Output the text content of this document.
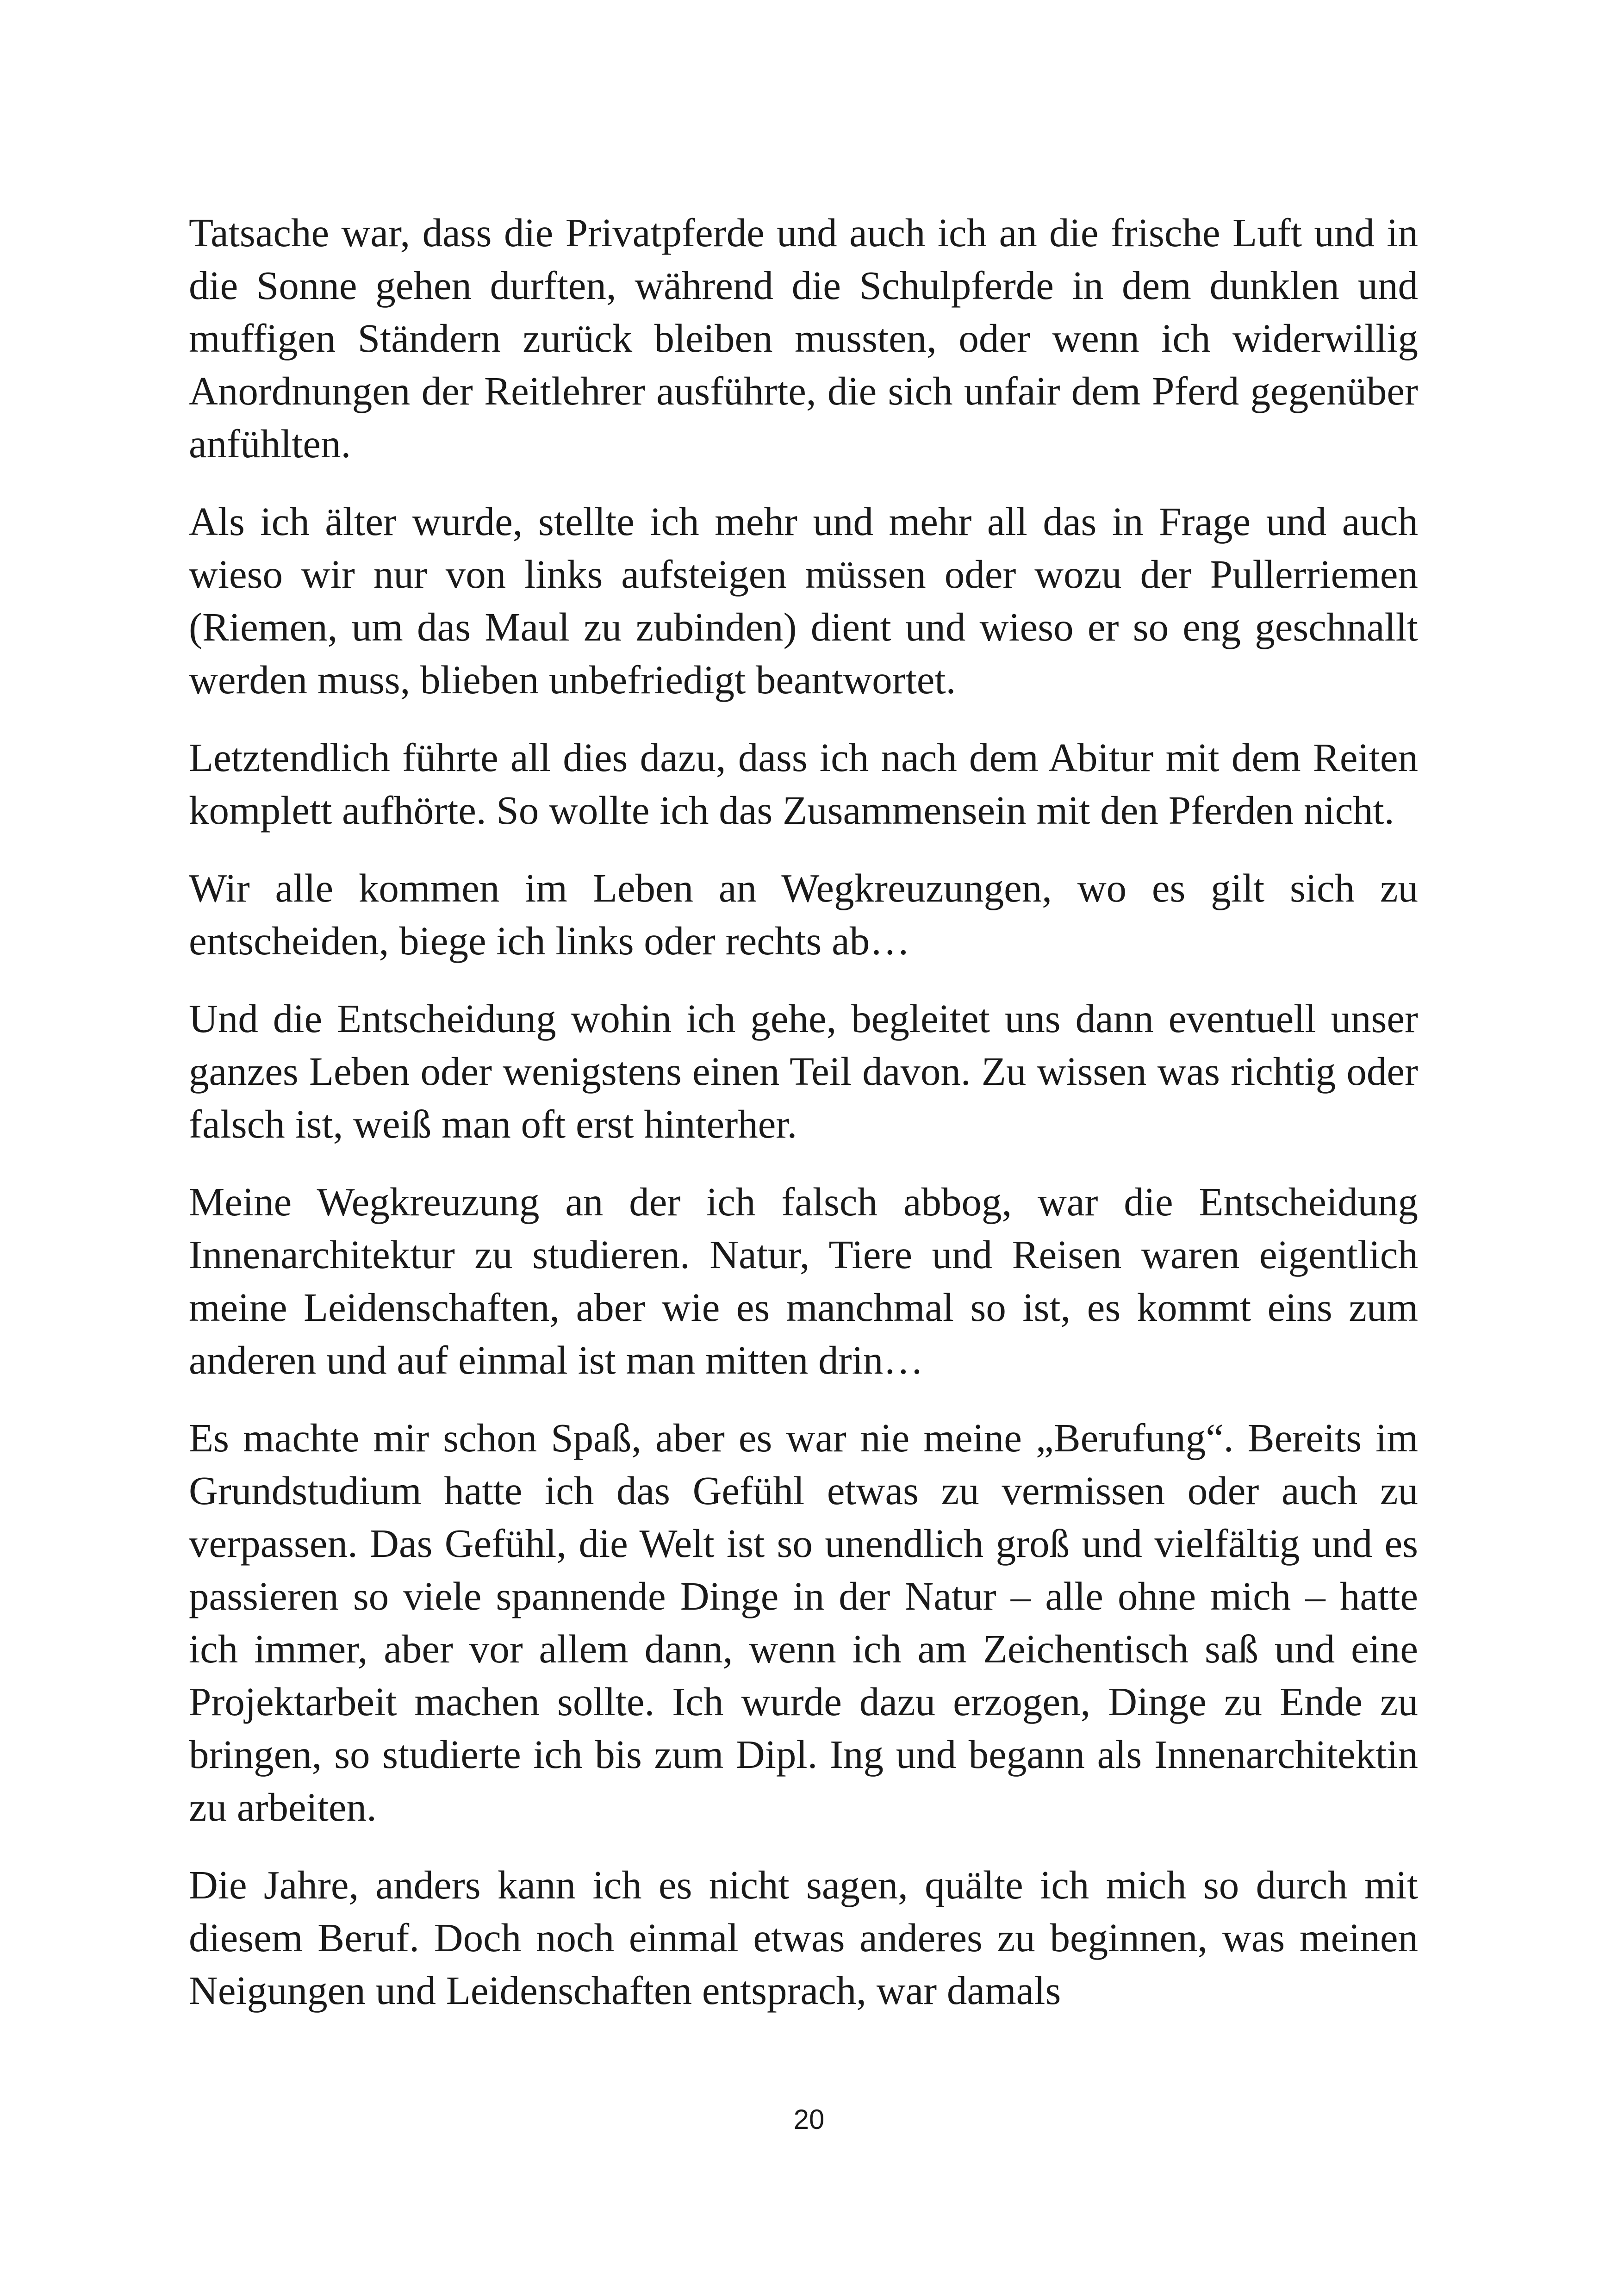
Tatsache war, dass die Privatpferde und auch ich an die frische Luft und in die Sonne gehen durften, während die Schulpferde in dem dunklen und muffigen Ständern zurück bleiben mussten, oder wenn ich widerwillig Anordnungen der Reitlehrer ausführte, die sich unfair dem Pferd gegenüber anfühlten.

Als ich älter wurde, stellte ich mehr und mehr all das in Frage und auch wieso wir nur von links aufsteigen müssen oder wozu der Pullerriemen (Riemen, um das Maul zu zubinden) dient und wieso er so eng geschnallt werden muss, blieben unbefriedigt beantwortet.

Letztendlich führte all dies dazu, dass ich nach dem Abitur mit dem Reiten komplett aufhörte. So wollte ich das Zusammensein mit den Pferden nicht.

Wir alle kommen im Leben an Wegkreuzungen, wo es gilt sich zu entscheiden, biege ich links oder rechts ab…

Und die Entscheidung wohin ich gehe, begleitet uns dann eventuell unser ganzes Leben oder wenigstens einen Teil davon. Zu wissen was richtig oder falsch ist, weiß man oft erst hinterher.

Meine Wegkreuzung an der ich falsch abbog, war die Entscheidung Innenarchitektur zu studieren. Natur, Tiere und Reisen waren eigentlich meine Leidenschaften, aber wie es manchmal so ist, es kommt eins zum anderen und auf einmal ist man mitten drin…

Es machte mir schon Spaß, aber es war nie meine „Berufung“. Bereits im Grundstudium hatte ich das Gefühl etwas zu vermissen oder auch zu verpassen. Das Gefühl, die Welt ist so unendlich groß und vielfältig und es passieren so viele spannende Dinge in der Natur – alle ohne mich – hatte ich immer, aber vor allem dann, wenn ich am Zeichentisch saß und eine Projektarbeit machen sollte. Ich wurde dazu erzogen, Dinge zu Ende zu bringen, so studierte ich bis zum Dipl. Ing und begann als Innenarchitektin zu arbeiten.

Die Jahre, anders kann ich es nicht sagen, quälte ich mich so durch mit diesem Beruf. Doch noch einmal etwas anderes zu beginnen, was meinen Neigungen und Leidenschaften entsprach, war damals

20
